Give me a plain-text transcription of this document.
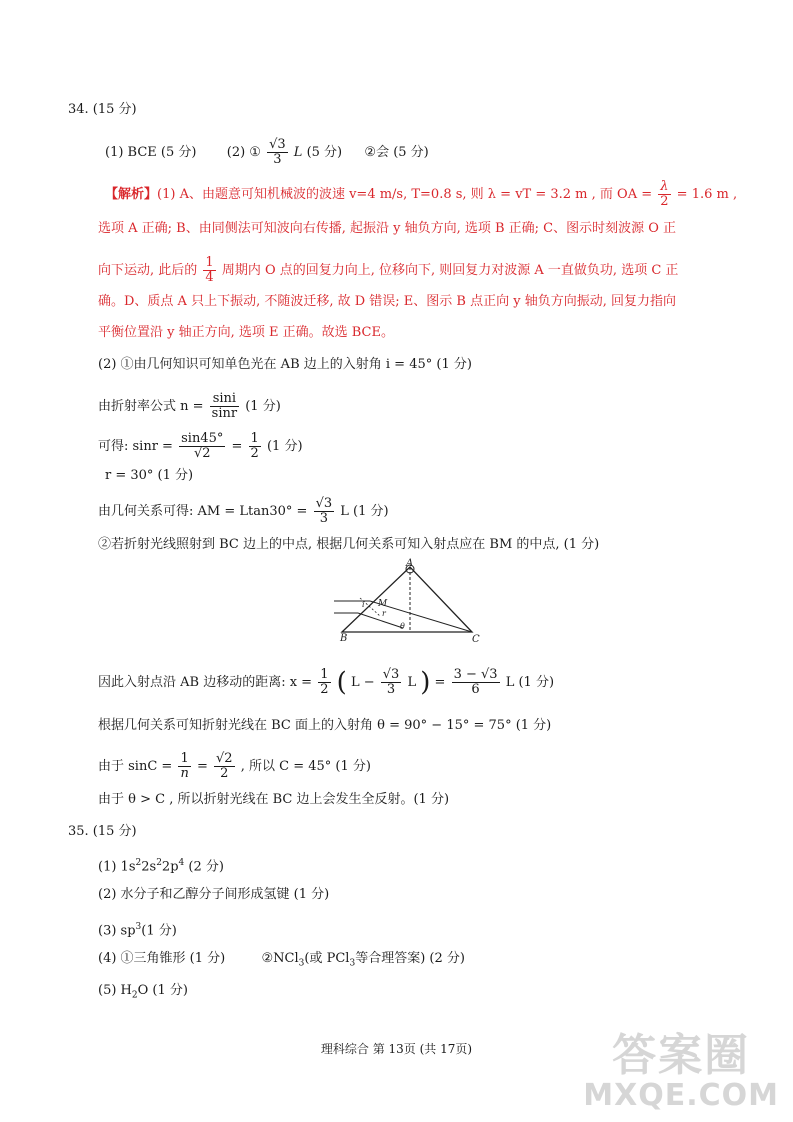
34. (15 分)
(1) BCE (5 分) (2) ① $\frac{√3}{3}$ L (5 分) ②会 (5 分)
【解析】(1) A、由题意可知机械波的波速 v=4 m/s, T=0.8 s, 则 λ = vT = 3.2 m , 而 OA = $\frac{\lambda}{2} = 1.6$ m ,
选项 A 正确; B、由同侧法可知波向右传播, 起振沿 y 轴负方向, 选项 B 正确; C、图示时刻波源 O 正
向下运动, 此后的 $\frac{1}{4}$ 周期内 O 点的回复力向上, 位移向下, 则回复力对波源 A 一直做负功, 选项 C 正
确。D、质点 A 只上下振动, 不随波迁移, 故 D 错误; E、图示 B 点正向 y 轴负方向振动, 回复力指向
平衡位置沿 y 轴正方向, 选项 E 正确。故选 BCE。
(2) ①由几何知识可知单色光在 AB 边上的入射角 i = 45° (1 分)
由折射率公式 $n = \frac{\sin i}{\sin r} (1$ 分)
可得: $\sin r = \frac{\sin 45^\circ}{√2} = \frac{1}{2} (1$ 分)
r = 30° (1 分)
由几何关系可得: AM = $Ltan30^\circ = \frac{√3}{3}$ L (1 分)
②若折射光线照射到 BC 边上的中点, 根据几何关系可知入射点应在 BM 的中点, (1 分)
A
B	C
M
i
r
θ
因此入射点沿 AB 边移动的距离: $x = \frac{1}{2}$ ( $L - \frac{√3}{3}$ L ) = $\frac{3 - √3}{6}$ L (1 分)
根据几何关系可知折射光线在 BC 面上的入射角 θ = 90° − 15° = 75° (1 分)
由于 $\sin C = \frac{1}{n} = \frac{√2}{2}$ , 所以 C = 45° (1 分)
由于 θ > C , 所以折射光线在 BC 边上会发生全反射。(1 分)
35. (15 分)
(1) $1s^22s^22p^4$ (2 分)
(2) 水分子和乙醇分子间形成氢键 (1 分)
(3) $sp^3(1$ 分)
(4) ①三角锥形 (1 分)	②NCl$_3$(或 PCl$_3$等合理答案) (2 分)
(5) $H_2O$ (1 分)
理科综合 第 13页 (共 17页)	答案圈
MXQE.COM
